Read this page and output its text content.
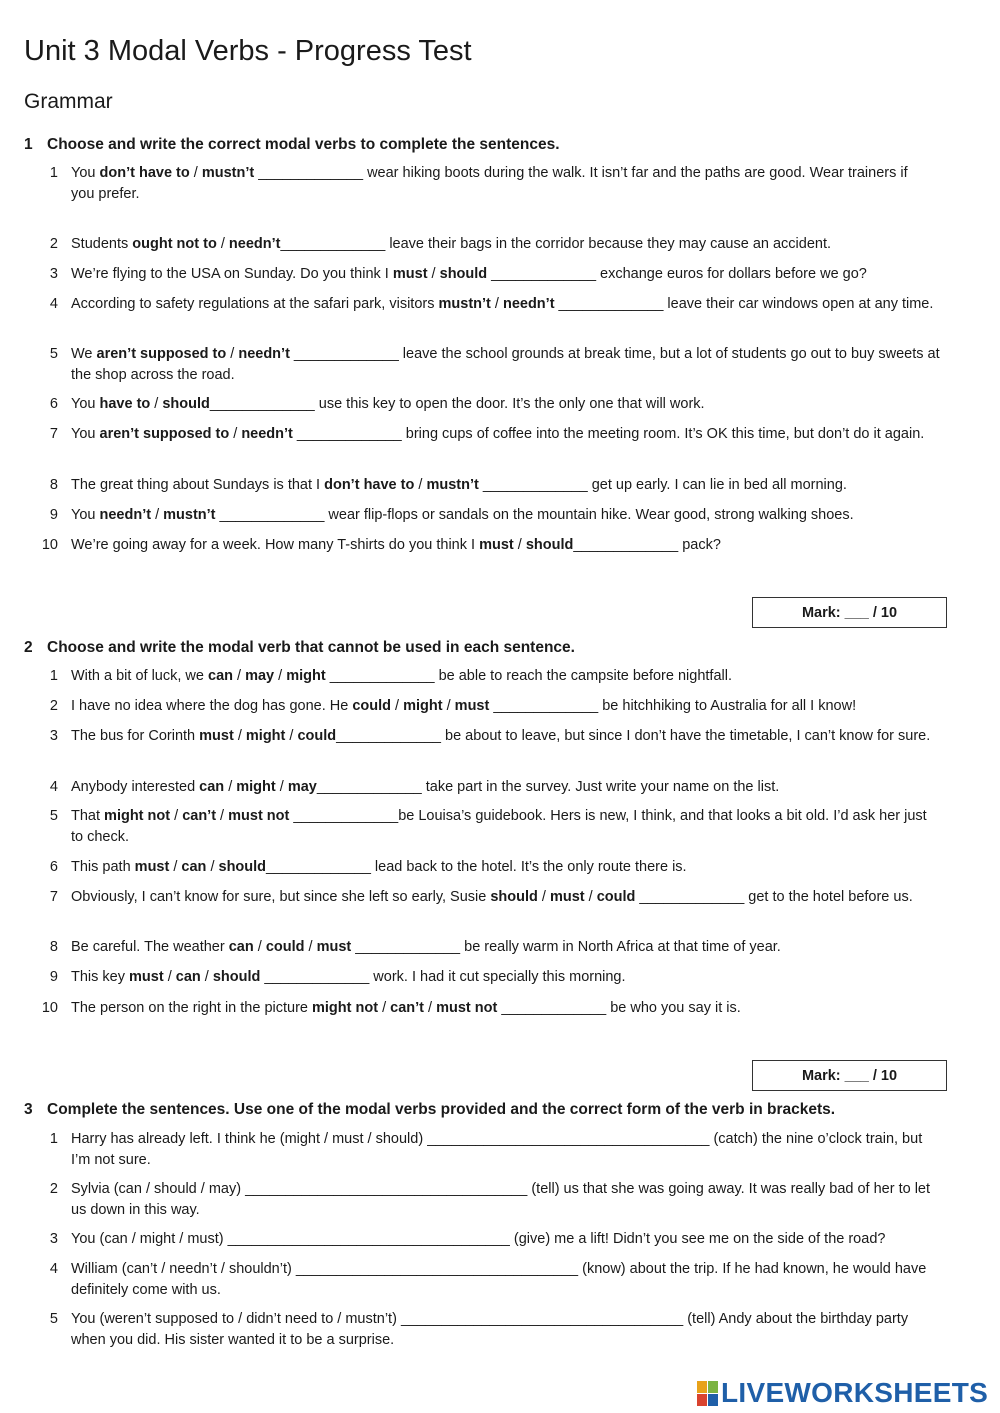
Unit 3 Modal Verbs - Progress Test
Grammar
1 Choose and write the correct modal verbs to complete the sentences.
1 You don’t have to / mustn’t _____________ wear hiking boots during the walk. It isn’t far and the paths are good. Wear trainers if
you prefer.
2 Students ought not to / needn’t_____________ leave their bags in the corridor because they may cause an accident.
3 We’re flying to the USA on Sunday. Do you think I must / should _____________ exchange euros for dollars before we go?
4 According to safety regulations at the safari park, visitors mustn’t / needn’t _____________ leave their car windows open at any time.
5 We aren’t supposed to / needn’t _____________ leave the school grounds at break time, but a lot of students go out to buy sweets at the shop across the road.
6 You have to / should_____________ use this key to open the door. It’s the only one that will work.
7 You aren’t supposed to / needn’t _____________ bring cups of coffee into the meeting room. It’s OK this time, but don’t do it again.
8 The great thing about Sundays is that I don’t have to / mustn’t _____________ get up early. I can lie in bed all morning.
9 You needn’t / mustn’t _____________ wear flip-flops or sandals on the mountain hike. Wear good, strong walking shoes.
10 We’re going away for a week. How many T-shirts do you think I must / should_____________ pack?
Mark: ___ / 10
2 Choose and write the modal verb that cannot be used in each sentence.
1 With a bit of luck, we can / may / might _____________ be able to reach the campsite before nightfall.
2 I have no idea where the dog has gone. He could / might / must _____________ be hitchhiking to Australia for all I know!
3 The bus for Corinth must / might / could_____________ be about to leave, but since I don’t have the timetable, I can’t know for sure.
4 Anybody interested can / might / may_____________ take part in the survey. Just write your name on the list.
5 That might not / can’t / must not _____________be Louisa’s guidebook. Hers is new, I think, and that looks a bit old. I’d ask her just to check.
6 This path must / can / should_____________ lead back to the hotel. It’s the only route there is.
7 Obviously, I can’t know for sure, but since she left so early, Susie should / must / could _____________ get to the hotel before us.
8 Be careful. The weather can / could / must _____________ be really warm in North Africa at that time of year.
9 This key must / can / should _____________ work. I had it cut specially this morning.
10 The person on the right in the picture might not / can’t / must not _____________ be who you say it is.
Mark: ___ / 10
3 Complete the sentences. Use one of the modal verbs provided and the correct form of the verb in brackets.
1 Harry has already left. I think he (might / must / should) ___________________________________ (catch) the nine o’clock train, but I’m not sure.
2 Sylvia (can / should / may) ___________________________________ (tell) us that she was going away. It was really bad of her to let us down in this way.
3 You (can / might / must) ___________________________________ (give) me a lift! Didn’t you see me on the side of the road?
4 William (can’t / needn’t / shouldn’t) ___________________________________ (know) about the trip. If he had known, he would have definitely come with us.
5 You (weren’t supposed to / didn’t need to / mustn’t) ___________________________________ (tell) Andy about the birthday party when you did. His sister wanted it to be a surprise.
LIVEWORKSHEETS
